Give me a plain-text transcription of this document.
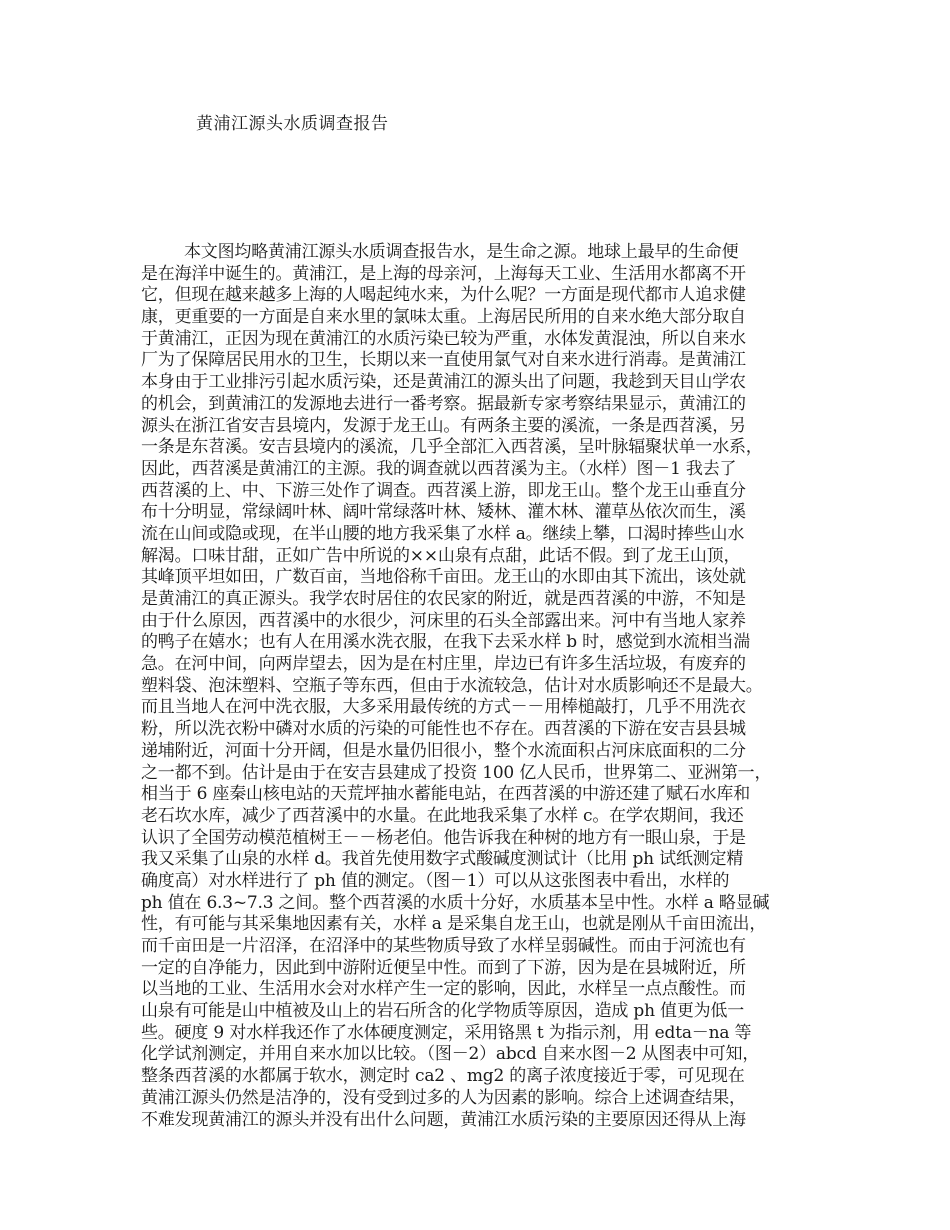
黄浦江源头水质调查报告
本文图均略黄浦江源头水质调查报告水，是生命之源。地球上最早的生命便
是在海洋中诞生的。黄浦江，是上海的母亲河，上海每天工业、生活用水都离不开
它，但现在越来越多上海的人喝起纯水来，为什么呢？一方面是现代都市人追求健
康，更重要的一方面是自来水里的氯味太重。上海居民所用的自来水绝大部分取自
于黄浦江，正因为现在黄浦江的水质污染已较为严重，水体发黄混浊，所以自来水
厂为了保障居民用水的卫生，长期以来一直使用氯气对自来水进行消毒。是黄浦江
本身由于工业排污引起水质污染，还是黄浦江的源头出了问题，我趁到天目山学农
的机会，到黄浦江的发源地去进行一番考察。据最新专家考察结果显示，黄浦江的
源头在浙江省安吉县境内，发源于龙王山。有两条主要的溪流，一条是西苕溪，另
一条是东苕溪。安吉县境内的溪流，几乎全部汇入西苕溪，呈叶脉辐聚状单一水系，
因此，西苕溪是黄浦江的主源。我的调查就以西苕溪为主。（水样）图－1 我去了
西苕溪的上、中、下游三处作了调查。西苕溪上游，即龙王山。整个龙王山垂直分
布十分明显，常绿阔叶林、阔叶常绿落叶林、矮林、灌木林、灌草丛依次而生，溪
流在山间或隐或现，在半山腰的地方我采集了水样 a。继续上攀，口渴时捧些山水
解渴。口味甘甜，正如广告中所说的××山泉有点甜，此话不假。到了龙王山顶，
其峰顶平坦如田，广数百亩，当地俗称千亩田。龙王山的水即由其下流出，该处就
是黄浦江的真正源头。我学农时居住的农民家的附近，就是西苕溪的中游，不知是
由于什么原因，西苕溪中的水很少，河床里的石头全部露出来。河中有当地人家养
的鸭子在嬉水；也有人在用溪水洗衣服，在我下去采水样 b 时，感觉到水流相当湍
急。在河中间，向两岸望去，因为是在村庄里，岸边已有许多生活垃圾，有废弃的
塑料袋、泡沫塑料、空瓶子等东西，但由于水流较急，估计对水质影响还不是最大。
而且当地人在河中洗衣服，大多采用最传统的方式－－用棒槌敲打，几乎不用洗衣
粉，所以洗衣粉中磷对水质的污染的可能性也不存在。西苕溪的下游在安吉县县城
递埔附近，河面十分开阔，但是水量仍旧很小，整个水流面积占河床底面积的二分
之一都不到。估计是由于在安吉县建成了投资 100 亿人民币，世界第二、亚洲第一，
相当于 6 座秦山核电站的天荒坪抽水蓄能电站，在西苕溪的中游还建了赋石水库和
老石坎水库，减少了西苕溪中的水量。在此地我采集了水样 c。在学农期间，我还
认识了全国劳动模范植树王－－杨老伯。他告诉我在种树的地方有一眼山泉，于是
我又采集了山泉的水样 d。我首先使用数字式酸碱度测试计（比用 ph 试纸测定精
确度高）对水样进行了 ph 值的测定。（图－1）可以从这张图表中看出，水样的
ph 值在 6.3~7.3 之间。整个西苕溪的水质十分好，水质基本呈中性。水样 a 略显碱
性，有可能与其采集地因素有关，水样 a 是采集自龙王山，也就是刚从千亩田流出，
而千亩田是一片沼泽，在沼泽中的某些物质导致了水样呈弱碱性。而由于河流也有
一定的自净能力，因此到中游附近便呈中性。而到了下游，因为是在县城附近，所
以当地的工业、生活用水会对水样产生一定的影响，因此，水样呈一点点酸性。而
山泉有可能是山中植被及山上的岩石所含的化学物质等原因，造成 ph 值更为低一
些。硬度 9 对水样我还作了水体硬度测定，采用铬黑 t 为指示剂，用 edta－na 等
化学试剂测定，并用自来水加以比较。（图－2）abcd 自来水图－2 从图表中可知，
整条西苕溪的水都属于软水，测定时 ca2 、mg2 的离子浓度接近于零，可见现在
黄浦江源头仍然是洁净的，没有受到过多的人为因素的影响。综合上述调查结果，
不难发现黄浦江的源头并没有出什么问题，黄浦江水质污染的主要原因还得从上海
